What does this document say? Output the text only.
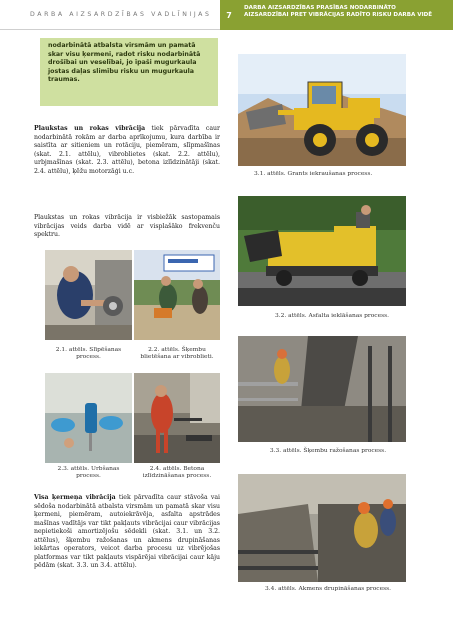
DARBA AIZSARDZĪBAS VADLĪNIJAS	7
DARBA AIZSARDZĪBAS PRASĪBAS NODARBINĀTO
AIZSARDZĪBAI PRET VIBRĀCIJAS RADĪTO RISKU DARBA VIDĒ
nodarbinātā atbalsta virsmām un pamatā skar visu ķermeni, radot risku nodarbinātā drošībai un veselībai, jo īpaši mugurkaula jostas daļas slimību risku un mugurkaula traumas.
Plaukstas un rokas vibrācija tiek pārvadīta caur nodarbinātā rokām ar darba aprīkojumu, kura darbība ir saistīta ar sitieniem un rotāciju, piemēram, slīpmašīnas (skat. 2.1. attēlu), vibroblietes (skat. 2.2. attēlu), urbjmašīnas (skat. 2.3. attēlu), betona izlīdzinātāji (skat. 2.4. attēlu), ķēžu motorzāģi u.c.
Plaukstas un rokas vibrācija ir visbiežāk sastopamais vibrācijas veids darba vidē ar visplašāko frekvenču spektru.
Visa ķermeņa vibrācija tiek pārvadīta caur stāvoša vai sēdoša nodarbinātā atbalsta virsmām un pamatā skar visu ķermeni, piemēram, autoiekrāvēja, asfalta apstrādes mašīnas vadītājs var tikt pakļauts vibrācijai caur vibrācijas nepietiekoši amortizējošu sēdekli (skat. 3.1. un 3.2. attēlus), šķembu ražošanas un akmens drupināšanas iekārtas operators, veicot darba procesu uz vibrējošas platformas var tikt pakļauts vispārējai vibrācijai caur kāju pēdām (skat. 3.3. un 3.4. attēlu).
2.1. attēls. Slīpēšanas process.
2.2. attēls. Šķembu blietēšana ar vibroblieti.
2.3. attēls. Urbšanas process.
2.4. attēls. Betona izlīdzināšanas process.
3.1. attēls. Grants iekraušanas process.
3.2. attēls. Asfalta ieklāšanas process.
3.3. attēls. Šķembu ražošanas process.
3.4. attēls. Akmens drupināšanas process.
